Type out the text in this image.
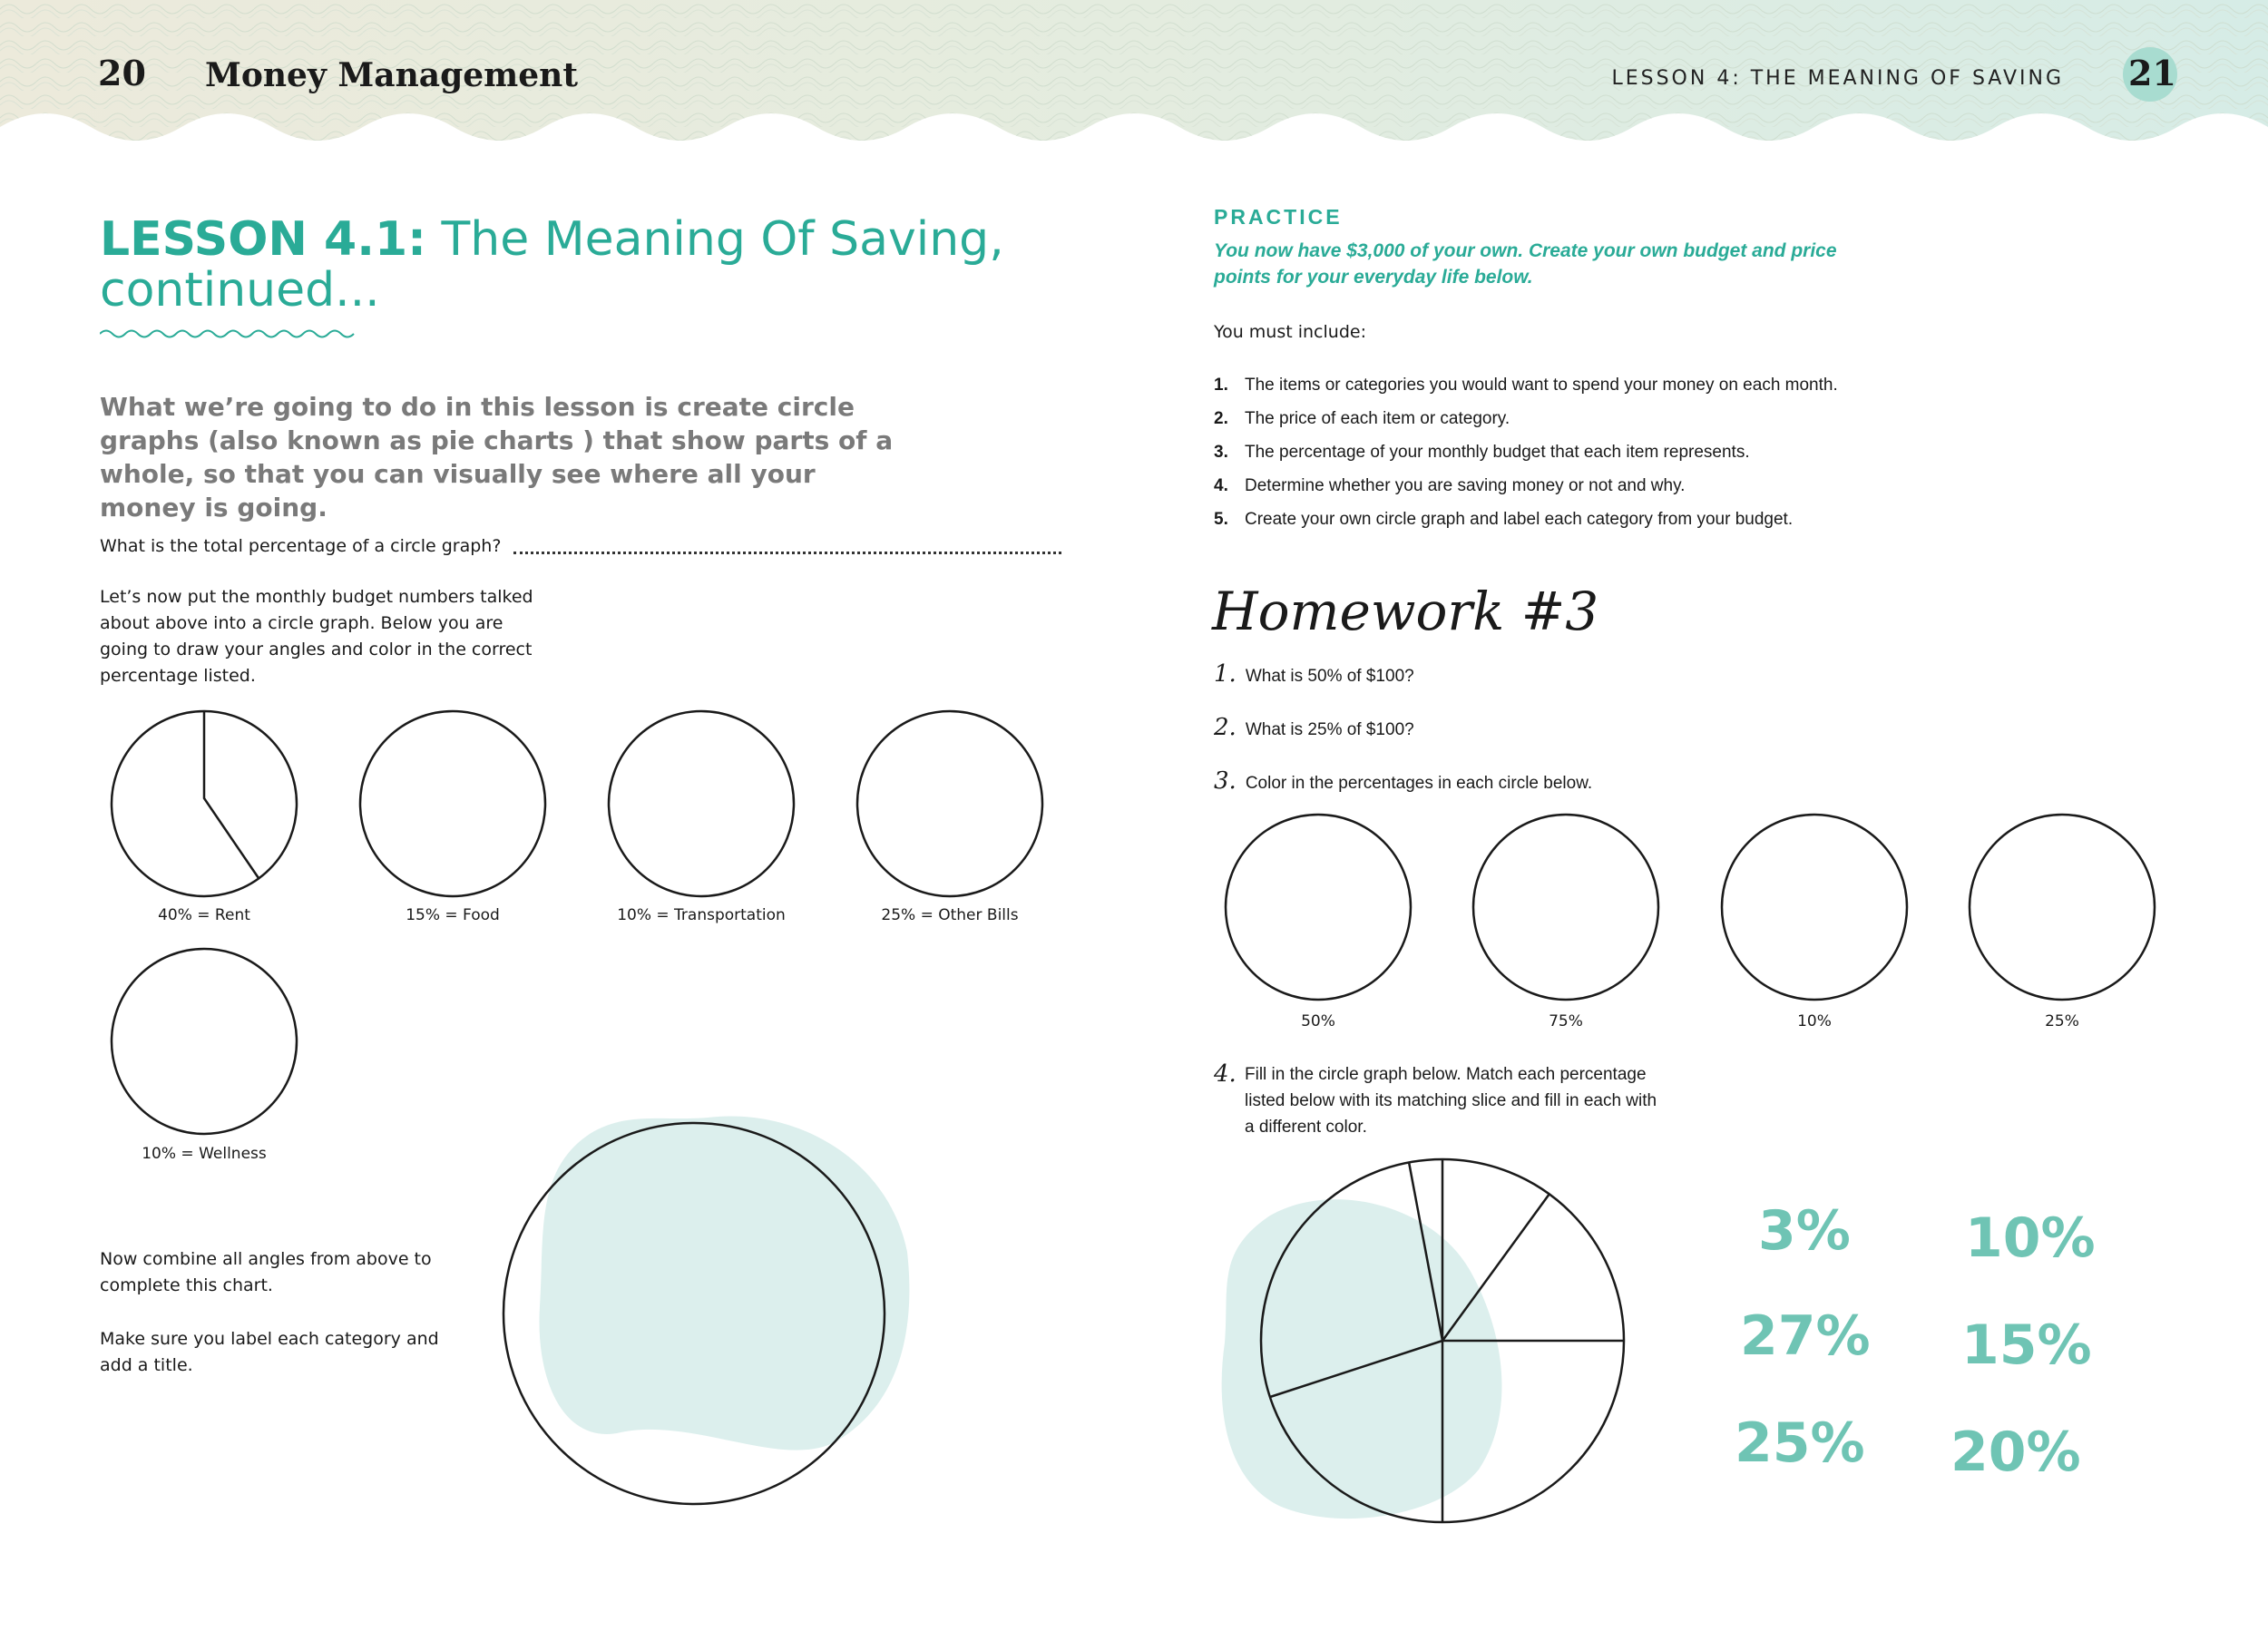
20 Money Management	LESSON 4: THE MEANING OF SAVING 21
LESSON 4.1: The Meaning Of Saving, continued...
What we’re going to do in this lesson is create circle graphs (also known as pie charts ) that show parts of a whole, so that you can visually see where all your money is going.
What is the total percentage of a circle graph?
Let’s now put the monthly budget numbers talked about above into a circle graph. Below you are going to draw your angles and color in the correct percentage listed.
40% = Rent	15% = Food	10% = Transportation	25% = Other Bills
10% = Wellness
Now combine all angles from above to complete this chart.
Make sure you label each category and add a title.
PRACTICE
You now have $3,000 of your own. Create your own budget and price points for your everyday life below.
You must include:
1. The items or categories you would want to spend your money on each month.
2. The price of each item or category.
3. The percentage of your monthly budget that each item represents.
4. Determine whether you are saving money or not and why.
5. Create your own circle graph and label each category from your budget.
Homework #3
1. What is 50% of $100?
2. What is 25% of $100?
3. Color in the percentages in each circle below.
50%	75%	10%	25%
4. Fill in the circle graph below. Match each percentage listed below with its matching slice and fill in each with a different color.
3% 10%
27% 15%
25% 20%
